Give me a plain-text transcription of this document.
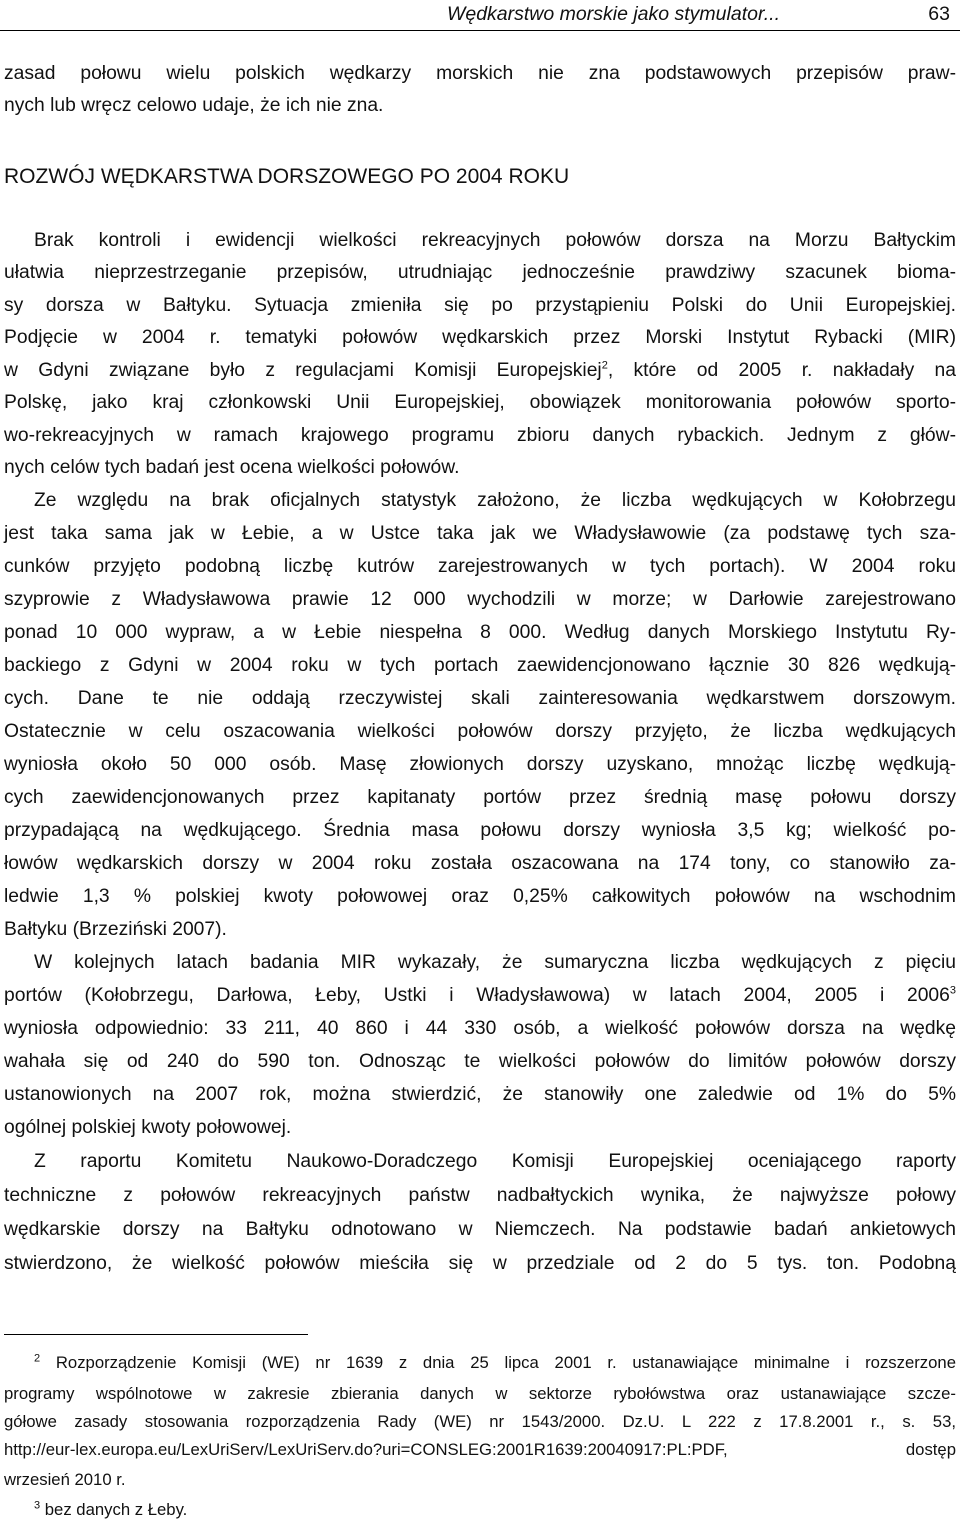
Wędkarstwo morskie jako stymulator...	63
zasad połowu wielu polskich wędkarzy morskich nie zna podstawowych przepisów praw-
nych lub wręcz celowo udaje, że ich nie zna.
ROZWÓJ WĘDKARSTWA DORSZOWEGO PO 2004 ROKU
Brak kontroli i ewidencji wielkości rekreacyjnych połowów dorsza na Morzu Bałtyckim
ułatwia nieprzestrzeganie przepisów, utrudniając jednocześnie prawdziwy szacunek bioma-
sy dorsza w Bałtyku. Sytuacja zmieniła się po przystąpieniu Polski do Unii Europejskiej.
Podjęcie w 2004 r. tematyki połowów wędkarskich przez Morski Instytut Rybacki (MIR)
w Gdyni związane było z regulacjami Komisji Europejskiej$^2$, które od 2005 r. nakładały na
Polskę, jako kraj członkowski Unii Europejskiej, obowiązek monitorowania połowów sporto-
wo-rekreacyjnych w ramach krajowego programu zbioru danych rybackich. Jednym z głów-
nych celów tych badań jest ocena wielkości połowów.
Ze względu na brak oficjalnych statystyk założono, że liczba wędkujących w Kołobrzegu
jest taka sama jak w Łebie, a w Ustce taka jak we Władysławowie (za podstawę tych sza-
cunków przyjęto podobną liczbę kutrów zarejestrowanych w tych portach). W 2004 roku
szyprowie z Władysławowa prawie 12 000 wychodzili w morze; w Darłowie zarejestrowano
ponad 10 000 wypraw, a w Łebie niespełna 8 000. Według danych Morskiego Instytutu Ry-
backiego z Gdyni w 2004 roku w tych portach zaewidencjonowano łącznie 30 826 wędkują-
cych. Dane te nie oddają rzeczywistej skali zainteresowania wędkarstwem dorszowym.
Ostatecznie w celu oszacowania wielkości połowów dorszy przyjęto, że liczba wędkujących
wyniosła około 50 000 osób. Masę złowionych dorszy uzyskano, mnożąc liczbę wędkują-
cych zaewidencjonowanych przez kapitanaty portów przez średnią masę połowu dorszy
przypadającą na wędkującego. Średnia masa połowu dorszy wyniosła 3,5 kg; wielkość po-
łowów wędkarskich dorszy w 2004 roku została oszacowana na 174 tony, co stanowiło za-
ledwie 1,3 % polskiej kwoty połowowej oraz 0,25% całkowitych połowów na wschodnim
Bałtyku (Brzeziński 2007).
W kolejnych latach badania MIR wykazały, że sumaryczna liczba wędkujących z pięciu
portów (Kołobrzegu, Darłowa, Łeby, Ustki i Władysławowa) w latach 2004, 2005 i 2006$^3$
wyniosła odpowiednio: 33 211, 40 860 i 44 330 osób, a wielkość połowów dorsza na wędkę
wahała się od 240 do 590 ton. Odnosząc te wielkości połowów do limitów połowów dorszy
ustanowionych na 2007 rok, można stwierdzić, że stanowiły one zaledwie od 1% do 5%
ogólnej polskiej kwoty połowowej.
Z raportu Komitetu Naukowo-Doradczego Komisji Europejskiej oceniającego raporty
techniczne z połowów rekreacyjnych państw nadbałtyckich wynika, że najwyższe połowy
wędkarskie dorszy na Bałtyku odnotowano w Niemczech. Na podstawie badań ankietowych
stwierdzono, że wielkość połowów mieściła się w przedziale od 2 do 5 tys. ton. Podobną
$^2$ Rozporządzenie Komisji (WE) nr 1639 z dnia 25 lipca 2001 r. ustanawiające minimalne i rozszerzone
programy wspólnotowe w zakresie zbierania danych w sektorze rybołówstwa oraz ustanawiające szcze-
gółowe zasady stosowania rozporządzenia Rady (WE) nr 1543/2000. Dz.U. L 222 z 17.8.2001 r., s. 53,
http://eur-lex.europa.eu/LexUriServ/LexUriServ.do?uri=CONSLEG:2001R1639:20040917:PL:PDF, dostęp
wrzesień 2010 r.
$^3$ bez danych z Łeby.
